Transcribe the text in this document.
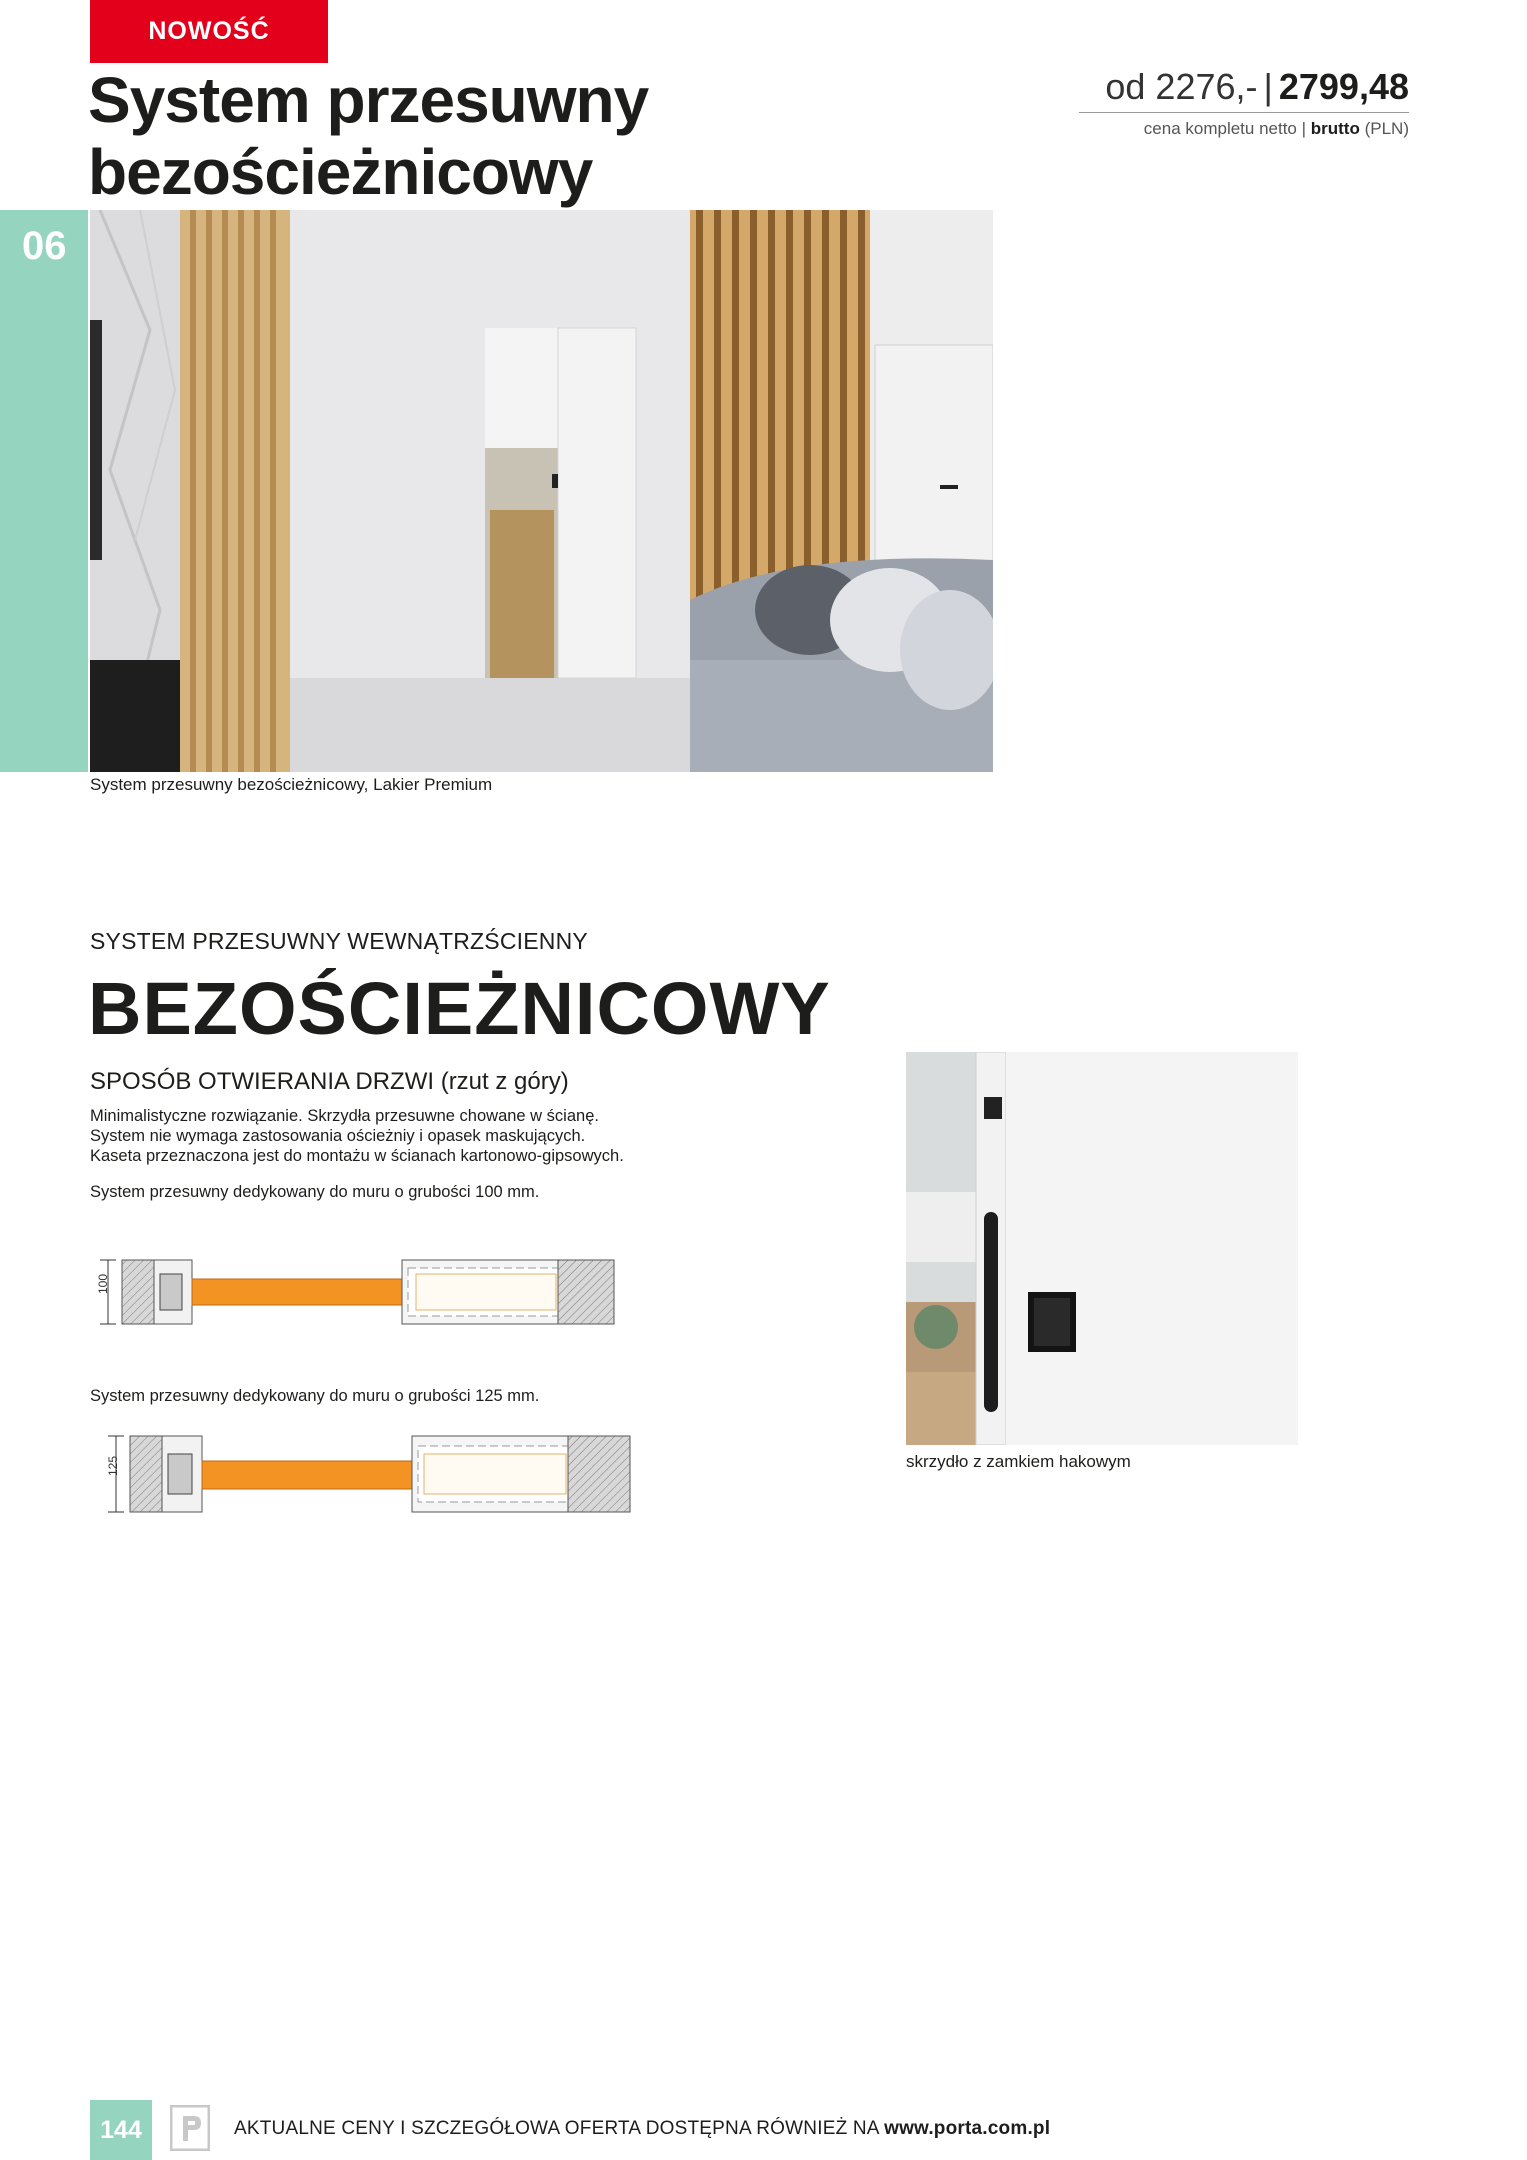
NOWOŚĆ
System przesuwny
bezościeżnicowy
od 2276,- | 2799,48
cena kompletu netto | brutto (PLN)
06
System przesuwny bezościeżnicowy, Lakier Premium
SYSTEM PRZESUWNY WEWNĄTRZŚCIENNY
BEZOŚCIEŻNICOWY
SPOSÓB OTWIERANIA DRZWI (rzut z góry)

Minimalistyczne rozwiązanie. Skrzydła przesuwne chowane w ścianę.

System nie wymaga zastosowania ościeżniy i opasek maskujących.

Kaseta przeznaczona jest do montażu w ścianach kartonowo-gipsowych.

System przesuwny dedykowany do muru o grubości 100 mm.

100
System przesuwny dedykowany do muru o grubości 125 mm.
125	skrzydło z zamkiem hakowym
144	AKTUALNE CENY I SZCZEGÓŁOWA OFERTA DOSTĘPNA RÓWNIEŻ NA www.porta.com.pl
